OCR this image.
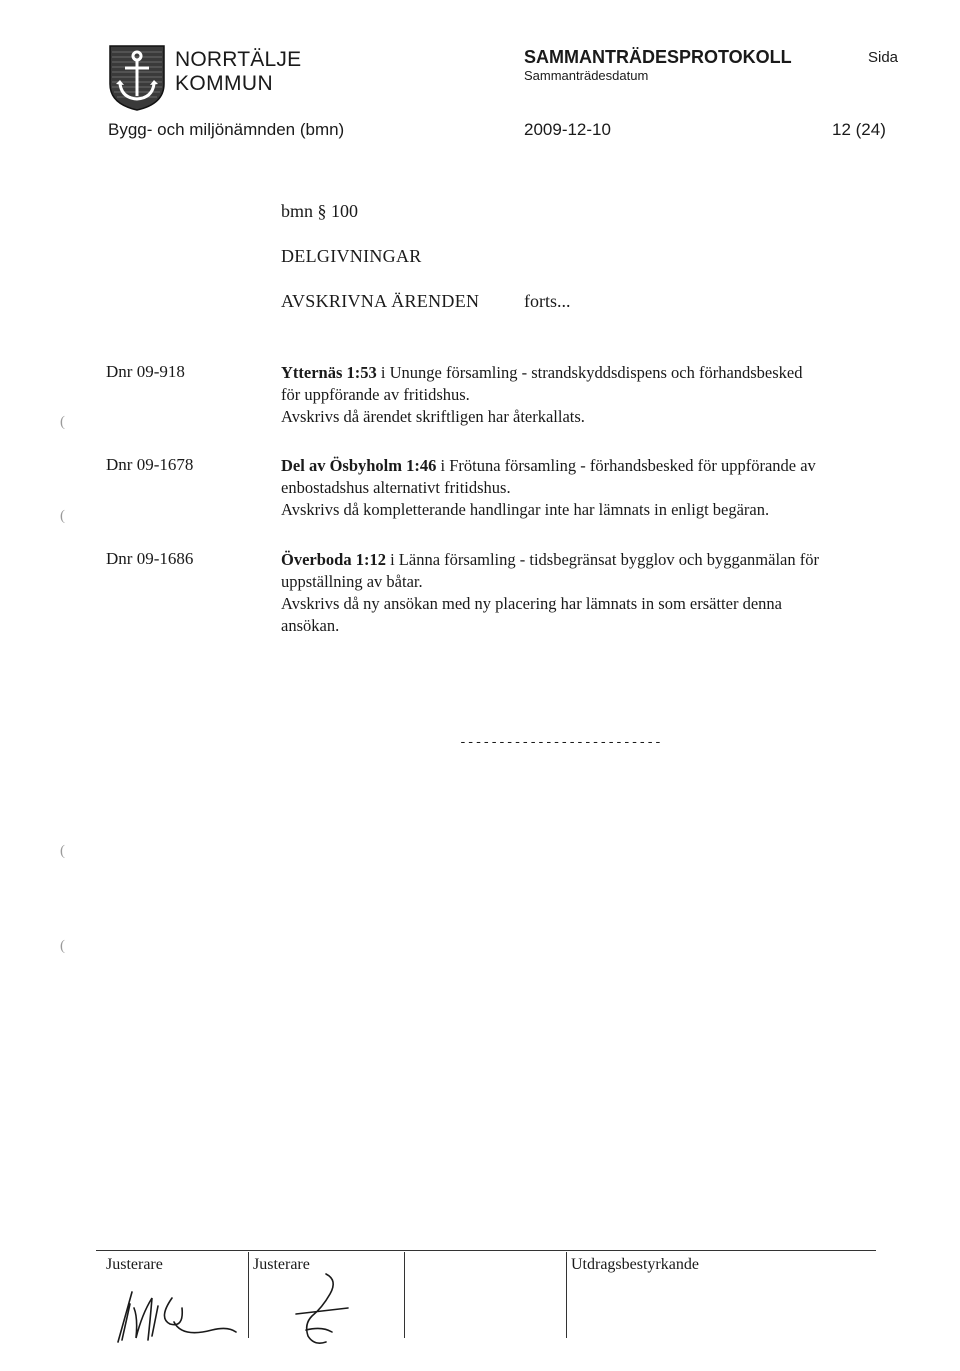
NORRTÄLJE
KOMMUN
SAMMANTRÄDESPROTOKOLL
Sammanträdesdatum
Sida
Bygg- och miljönämnden (bmn)	2009-12-10	12 (24)
bmn § 100
DELGIVNINGAR
AVSKRIVNA ÄRENDEN forts...
Dnr 09-918	Ytternäs 1:53 i Ununge församling - strandskyddsdispens och förhandsbesked
för uppförande av fritidshus.
Avskrivs då ärendet skriftligen har återkallats.
Dnr 09-1678	Del av Ösbyholm 1:46 i Frötuna församling - förhandsbesked för uppförande av
enbostadshus alternativt fritidshus.
Avskrivs då kompletterande handlingar inte har lämnats in enligt begäran.
Dnr 09-1686	Överboda 1:12 i Länna församling - tidsbegränsat bygglov och bygganmälan för
uppställning av båtar.
Avskrivs då ny ansökan med ny placering har lämnats in som ersätter denna
ansökan.
--------------------------
(
(
(
(
Justerare	Justerare	Utdragsbestyrkande
